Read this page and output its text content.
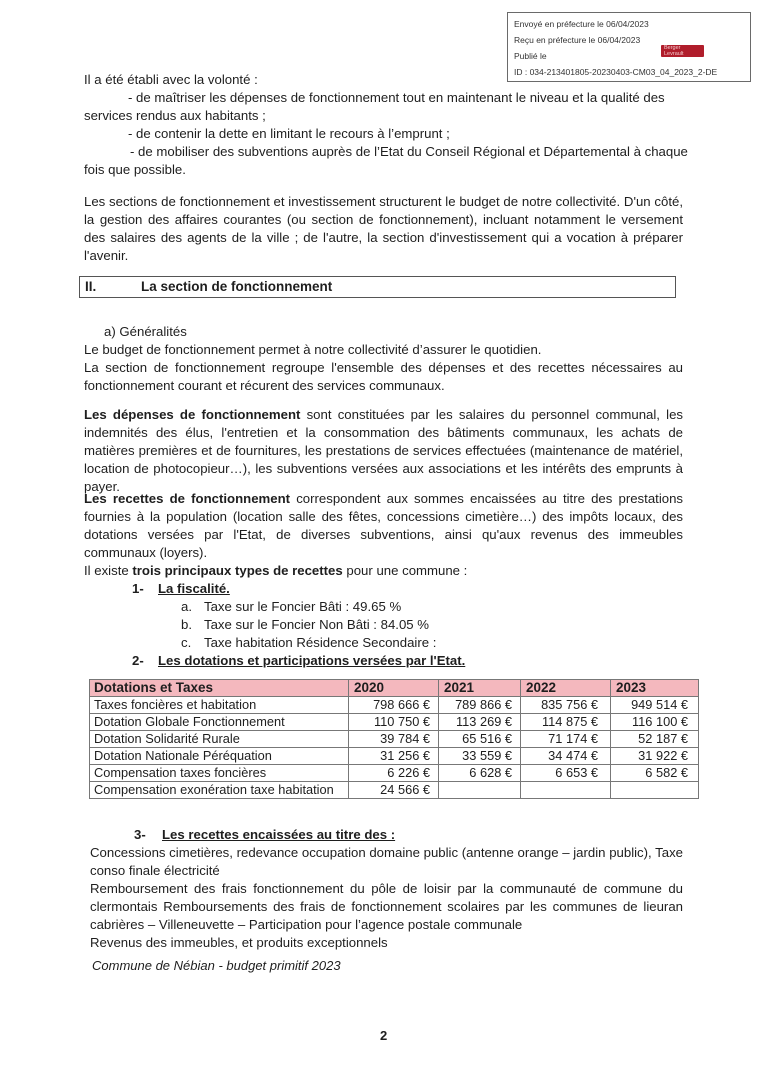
Envoyé en préfecture le 06/04/2023
Reçu en préfecture le 06/04/2023
Publié le
ID : 034-213401805-20230403-CM03_04_2023_2-DE
Berger
Levrault
Il a été établi avec la volonté :
- de maîtriser les dépenses de fonctionnement tout en maintenant le niveau et la qualité des
services rendus aux habitants ;
- de contenir la dette en limitant le recours à l’emprunt ;
- de mobiliser des subventions auprès de l’Etat du Conseil Régional et Départemental à chaque
fois que possible.

Les sections de fonctionnement et investissement structurent le budget de notre collectivité. D'un côté, la gestion des affaires courantes (ou section de fonctionnement), incluant notamment le versement des salaires des agents de la ville ; de l'autre, la section d'investissement qui a vocation à préparer l'avenir.

II.	La section de fonctionnement
a) Généralités
Le budget de fonctionnement permet à notre collectivité d’assurer le quotidien.

La section de fonctionnement regroupe l'ensemble des dépenses et des recettes nécessaires au fonctionnement courant et récurent des services communaux.

Les dépenses de fonctionnement sont constituées par les salaires du personnel communal, les indemnités des élus, l'entretien et la consommation des bâtiments communaux, les achats de matières premières et de fournitures, les prestations de services effectuées (maintenance de matériel, location de photocopieur…), les subventions versées aux associations et les intérêts des emprunts à payer.

Les recettes de fonctionnement correspondent aux sommes encaissées au titre des prestations fournies à la population (location salle des fêtes, concessions cimetière…) des impôts locaux, des dotations versées par l'Etat, de diverses subventions, ainsi qu'aux revenus des immeubles communaux (loyers).

Il existe trois principaux types de recettes pour une commune :
1- La fiscalité.
a. Taxe sur le Foncier Bâti : 49.65 %
b. Taxe sur le Foncier Non Bâti : 84.05 %
c. Taxe habitation Résidence Secondaire :
2- Les dotations et participations versées par l'Etat.
Dotations et Taxes	2020	2021	2022	2023
Taxes foncières et habitation	798 666 €	789 866 €	835 756 €	949 514 €
Dotation Globale Fonctionnement	110 750 €	113 269 €	114 875 €	116 100 €
Dotation Solidarité Rurale	39 784 €	65 516 €	71 174 €	52 187 €
Dotation Nationale Péréquation	31 256 €	33 559 €	34 474 €	31 922 €
Compensation taxes foncières	6 226 €	6 628 €	6 653 €	6 582 €
Compensation exonération taxe habitation	24 566 €			
3- Les recettes encaissées au titre des :

Concessions cimetières, redevance occupation domaine public (antenne orange – jardin public), Taxe conso finale électricité

Remboursement des frais fonctionnement du pôle de loisir par la communauté de commune du clermontais Remboursements des frais de fonctionnement scolaires par les communes de lieuran cabrières – Villeneuvette – Participation pour l’agence postale communale

Revenus des immeubles, et produits exceptionnels

Commune de Nébian - budget primitif 2023
2
